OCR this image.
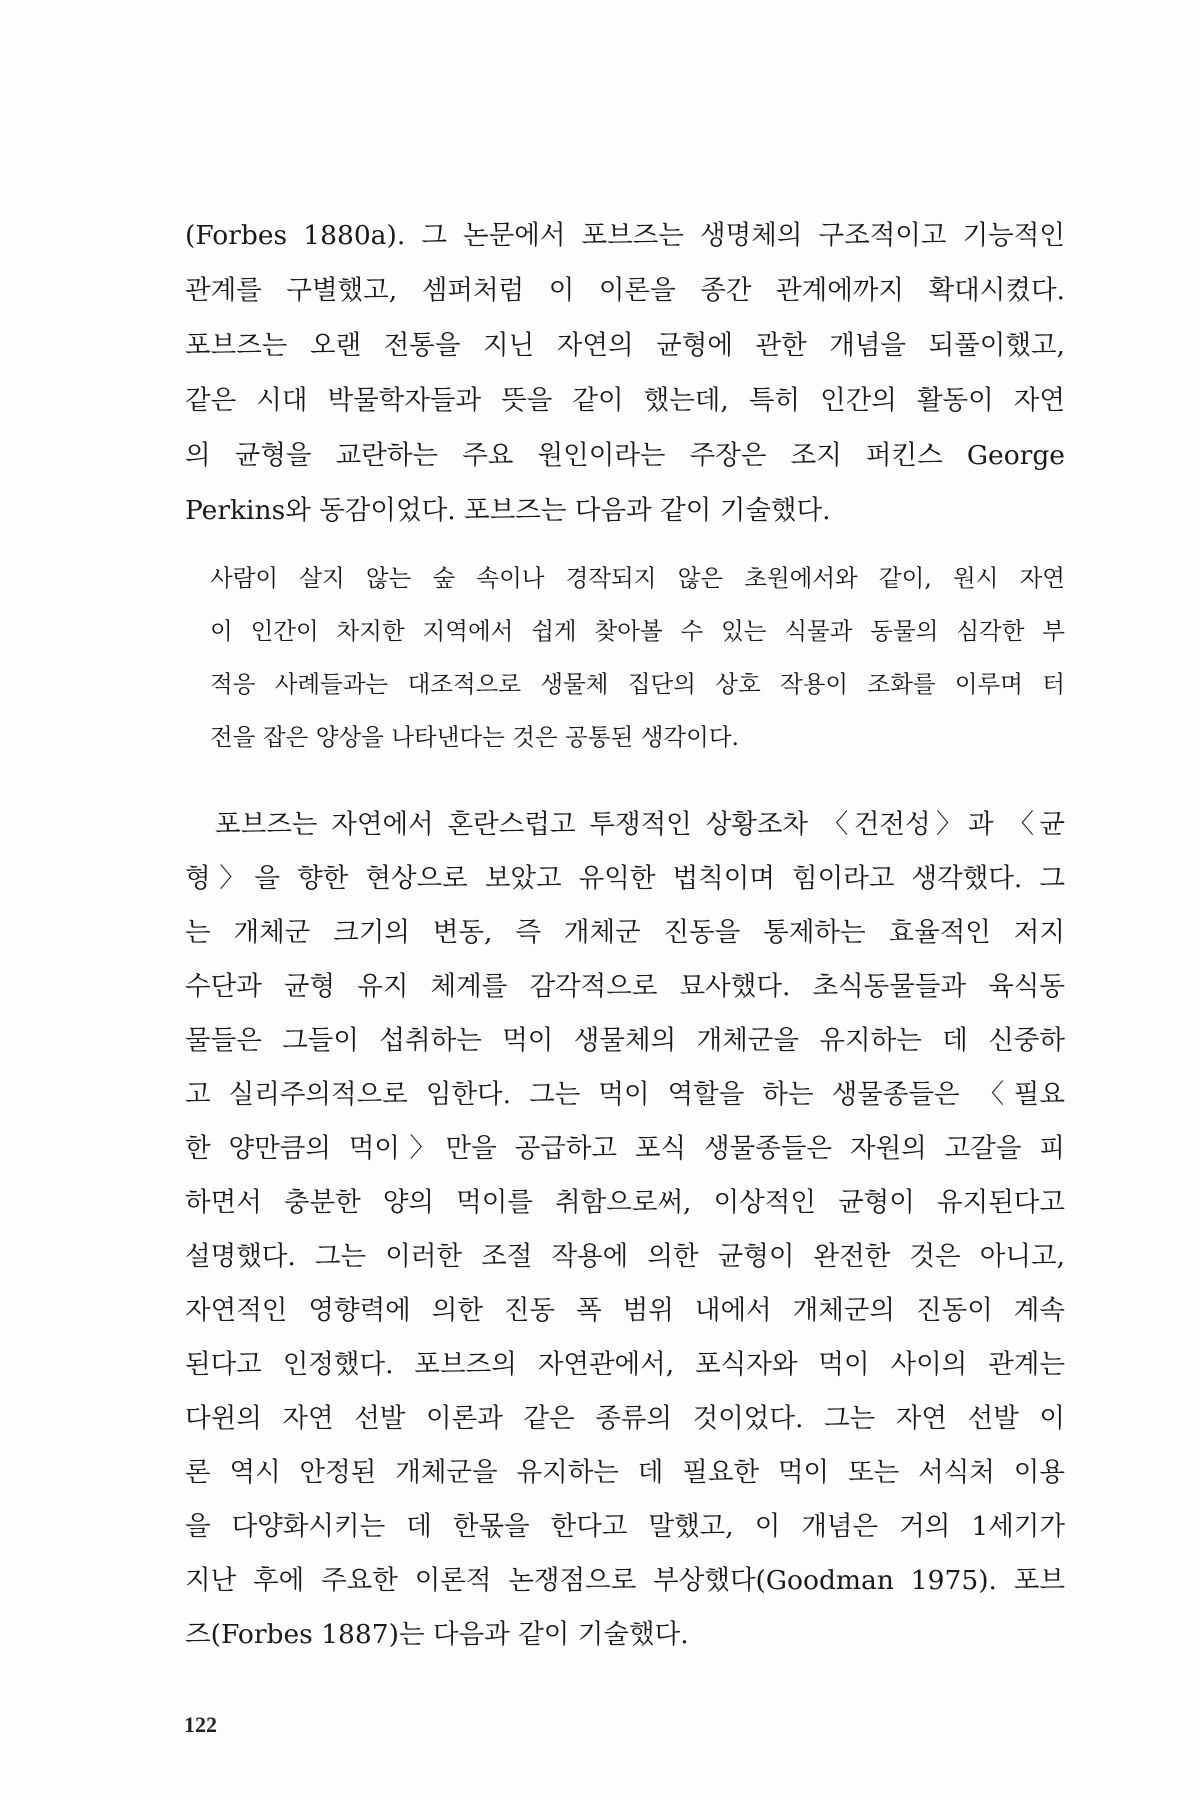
(Forbes 1880a). 그 논문에서 포브즈는 생명체의 구조적이고 기능적인
관계를 구별했고, 셈퍼처럼 이 이론을 종간 관계에까지 확대시켰다.
포브즈는 오랜 전통을 지닌 자연의 균형에 관한 개념을 되풀이했고,
같은 시대 박물학자들과 뜻을 같이 했는데, 특히 인간의 활동이 자연
의 균형을 교란하는 주요 원인이라는 주장은 조지 퍼킨스 George
Perkins와 동감이었다. 포브즈는 다음과 같이 기술했다.
사람이 살지 않는 숲 속이나 경작되지 않은 초원에서와 같이, 원시 자연
이 인간이 차지한 지역에서 쉽게 찾아볼 수 있는 식물과 동물의 심각한 부
적응 사례들과는 대조적으로 생물체 집단의 상호 작용이 조화를 이루며 터
전을 잡은 양상을 나타낸다는 것은 공통된 생각이다.
포브즈는 자연에서 혼란스럽고 투쟁적인 상황조차 〈건전성〉과 〈균
형〉을 향한 현상으로 보았고 유익한 법칙이며 힘이라고 생각했다. 그
는 개체군 크기의 변동, 즉 개체군 진동을 통제하는 효율적인 저지
수단과 균형 유지 체계를 감각적으로 묘사했다. 초식동물들과 육식동
물들은 그들이 섭취하는 먹이 생물체의 개체군을 유지하는 데 신중하
고 실리주의적으로 임한다. 그는 먹이 역할을 하는 생물종들은 〈필요
한 양만큼의 먹이〉만을 공급하고 포식 생물종들은 자원의 고갈을 피
하면서 충분한 양의 먹이를 취함으로써, 이상적인 균형이 유지된다고
설명했다. 그는 이러한 조절 작용에 의한 균형이 완전한 것은 아니고,
자연적인 영향력에 의한 진동 폭 범위 내에서 개체군의 진동이 계속
된다고 인정했다. 포브즈의 자연관에서, 포식자와 먹이 사이의 관계는
다윈의 자연 선발 이론과 같은 종류의 것이었다. 그는 자연 선발 이
론 역시 안정된 개체군을 유지하는 데 필요한 먹이 또는 서식처 이용
을 다양화시키는 데 한몫을 한다고 말했고, 이 개념은 거의 1세기가
지난 후에 주요한 이론적 논쟁점으로 부상했다(Goodman 1975). 포브
즈(Forbes 1887)는 다음과 같이 기술했다.
122
